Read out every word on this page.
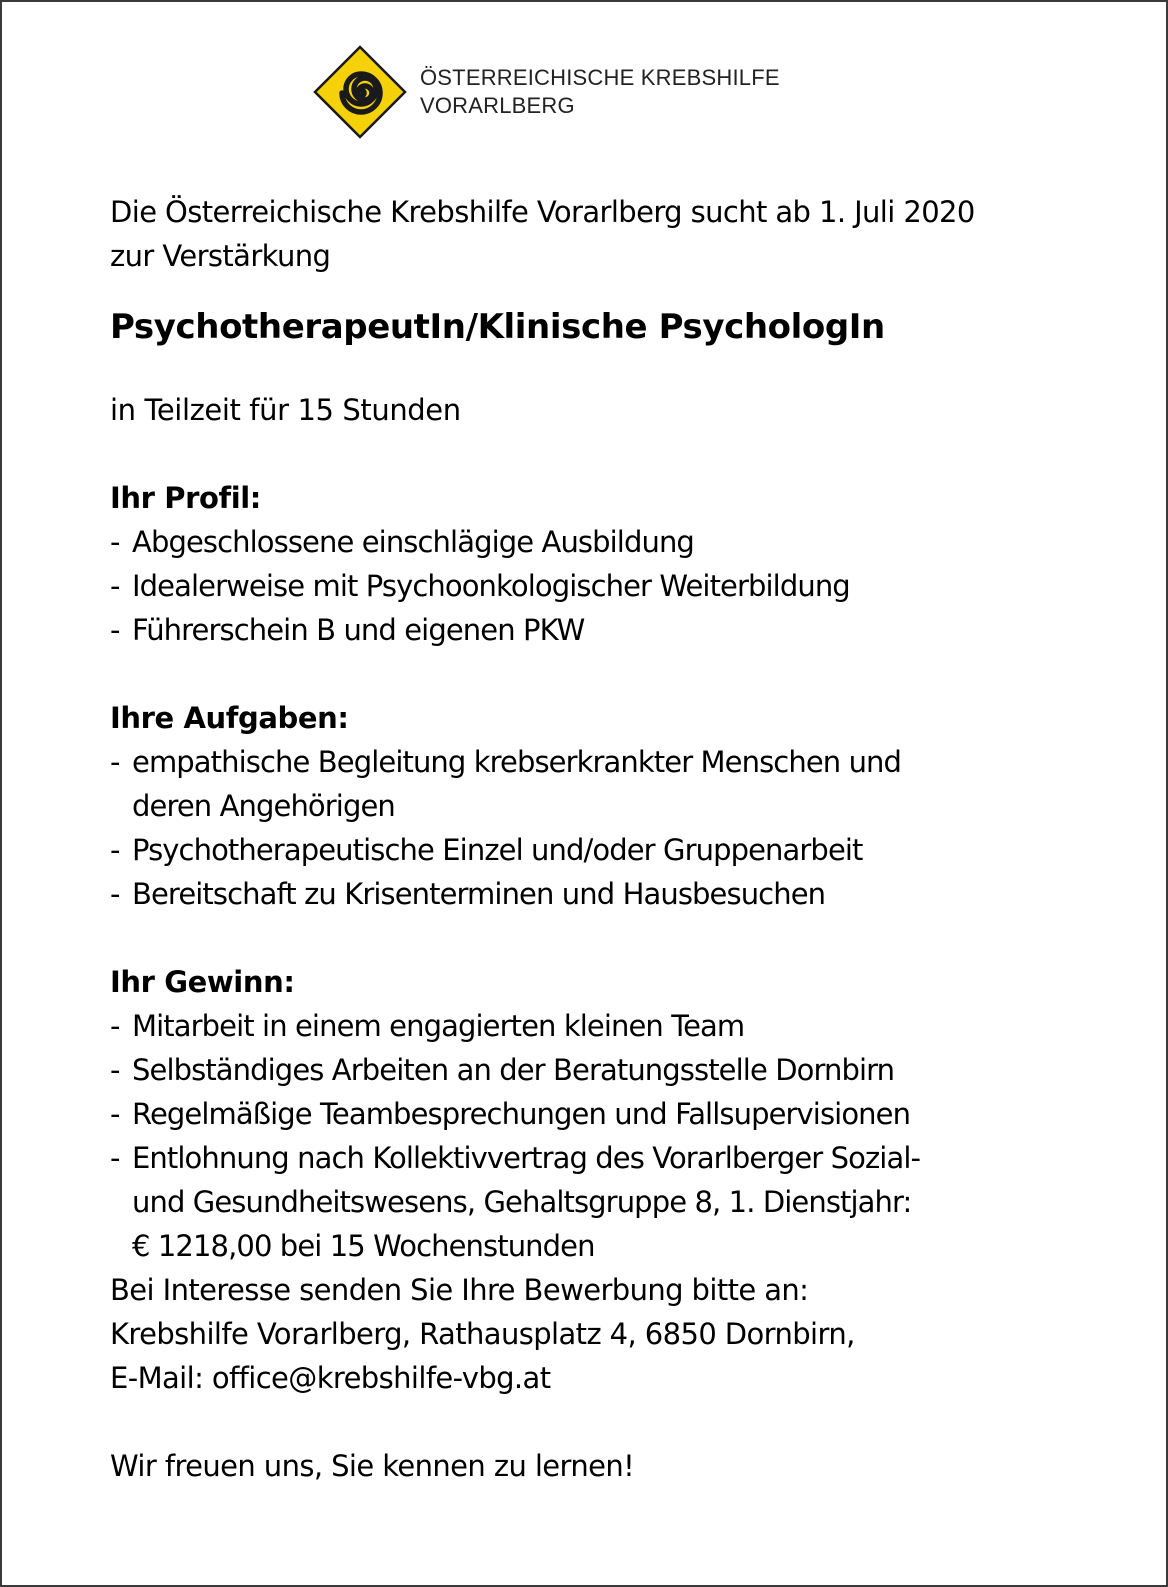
ÖSTERREICHISCHE KREBSHILFE
VORARLBERG

Die Österreichische Krebshilfe Vorarlberg sucht ab 1. Juli 2020
zur Verstärkung

PsychotherapeutIn/Klinische PsychologIn

in Teilzeit für 15 Stunden

Ihr Profil:
- Abgeschlossene einschlägige Ausbildung
- Idealerweise mit Psychoonkologischer Weiterbildung
- Führerschein B und eigenen PKW
Ihre Aufgaben:
- empathische Begleitung krebserkrankter Menschen und
deren Angehörigen
- Psychotherapeutische Einzel und/oder Gruppenarbeit
- Bereitschaft zu Krisenterminen und Hausbesuchen
Ihr Gewinn:
- Mitarbeit in einem engagierten kleinen Team
- Selbständiges Arbeiten an der Beratungsstelle Dornbirn
- Regelmäßige Teambesprechungen und Fallsupervisionen
- Entlohnung nach Kollektivvertrag des Vorarlberger Sozial-
und Gesundheitswesens, Gehaltsgruppe 8, 1. Dienstjahr:
€ 1218,00 bei 15 Wochenstunden

Bei Interesse senden Sie Ihre Bewerbung bitte an:
Krebshilfe Vorarlberg, Rathausplatz 4, 6850 Dornbirn,
E-Mail: office@krebshilfe-vbg.at

Wir freuen uns, Sie kennen zu lernen!
